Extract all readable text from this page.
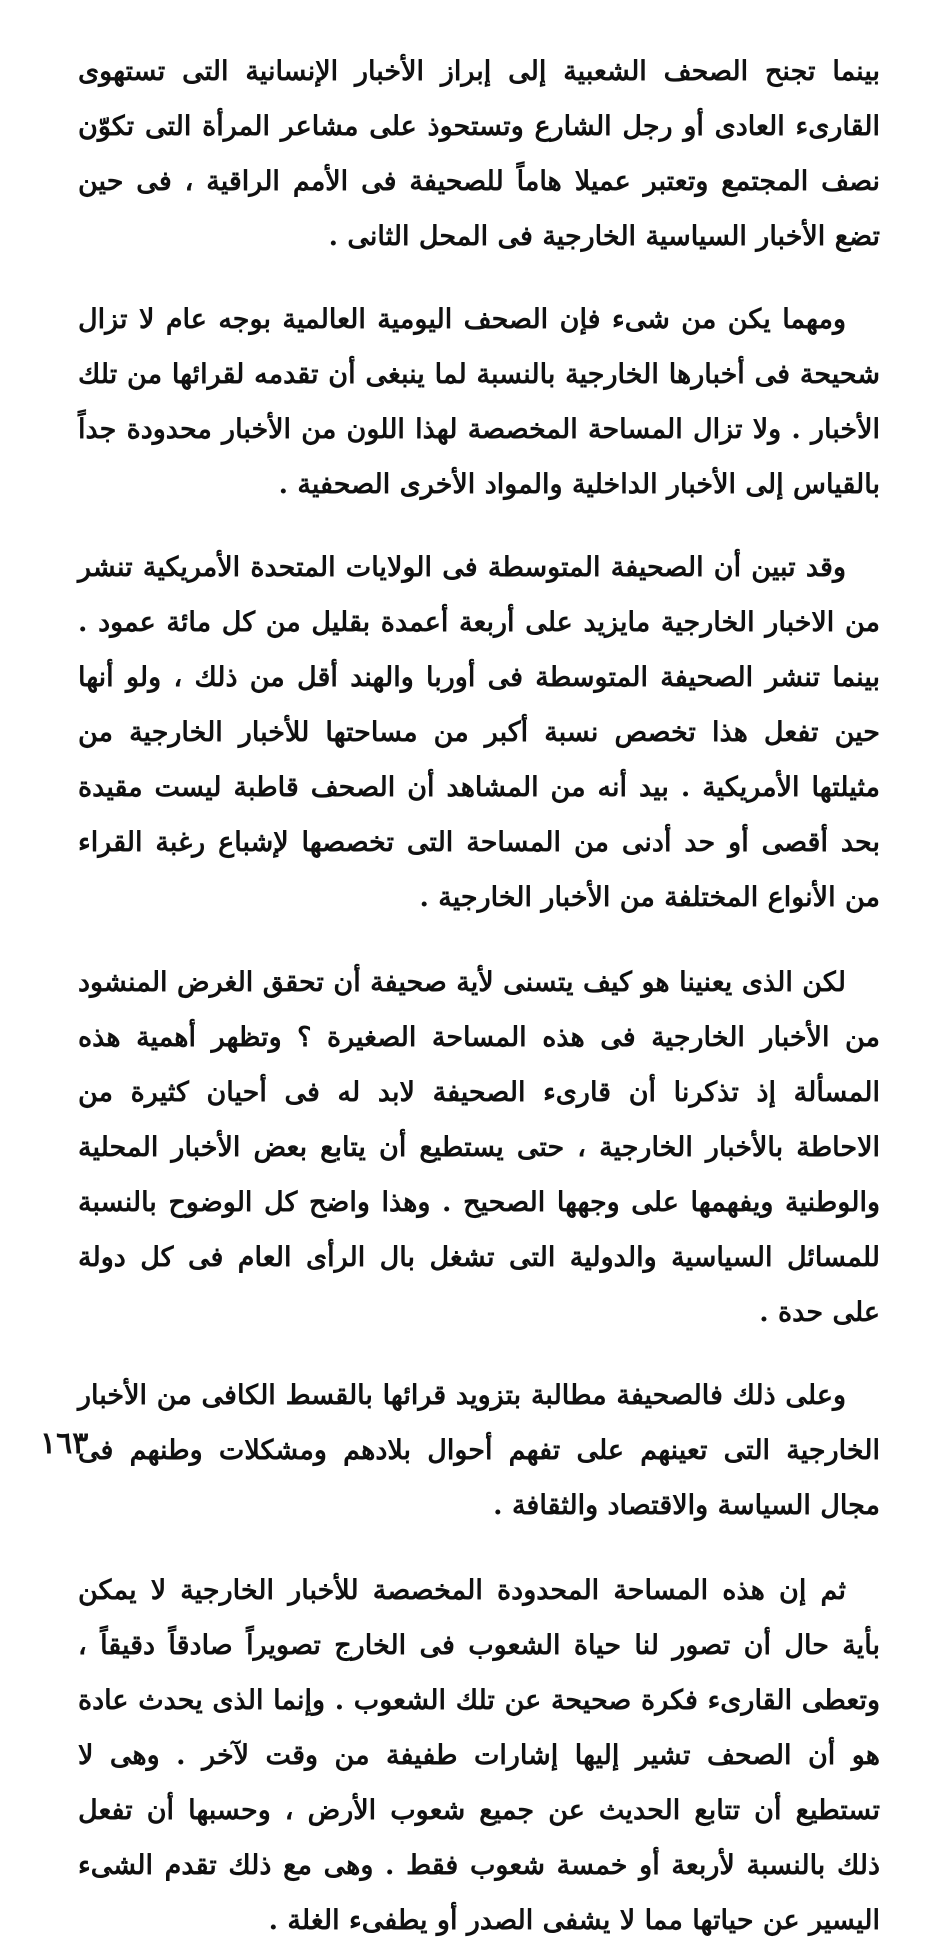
بينما تجنح الصحف الشعبية إلى إبراز الأخبار الإنسانية التى تستهوى القارىء العادى أو رجل الشارع وتستحوذ على مشاعر المرأة التى تكوّن نصف المجتمع وتعتبر عميلا هاماً للصحيفة فى الأمم الراقية ، فى حين تضع الأخبار السياسية الخارجية فى المحل الثانى .

ومهما يكن من شىء فإن الصحف اليومية العالمية بوجه عام لا تزال شحيحة فى أخبارها الخارجية بالنسبة لما ينبغى أن تقدمه لقرائها من تلك الأخبار . ولا تزال المساحة المخصصة لهذا اللون من الأخبار محدودة جداً بالقياس إلى الأخبار الداخلية والمواد الأخرى الصحفية .

وقد تبين أن الصحيفة المتوسطة فى الولايات المتحدة الأمريكية تنشر من الاخبار الخارجية مايزيد على أربعة أعمدة بقليل من كل مائة عمود . بينما تنشر الصحيفة المتوسطة فى أوربا والهند أقل من ذلك ، ولو أنها حين تفعل هذا تخصص نسبة أكبر من مساحتها للأخبار الخارجية من مثيلتها الأمريكية . بيد أنه من المشاهد أن الصحف قاطبة ليست مقيدة بحد أقصى أو حد أدنى من المساحة التى تخصصها لإشباع رغبة القراء من الأنواع المختلفة من الأخبار الخارجية .

لكن الذى يعنينا هو كيف يتسنى لأية صحيفة أن تحقق الغرض المنشود من الأخبار الخارجية فى هذه المساحة الصغيرة ؟ وتظهر أهمية هذه المسألة إذ تذكرنا أن قارىء الصحيفة لابد له فى أحيان كثيرة من الاحاطة بالأخبار الخارجية ، حتى يستطيع أن يتابع بعض الأخبار المحلية والوطنية ويفهمها على وجهها الصحيح . وهذا واضح كل الوضوح بالنسبة للمسائل السياسية والدولية التى تشغل بال الرأى العام فى كل دولة على حدة .

وعلى ذلك فالصحيفة مطالبة بتزويد قرائها بالقسط الكافى من الأخبار الخارجية التى تعينهم على تفهم أحوال بلادهم ومشكلات وطنهم فى مجال السياسة والاقتصاد والثقافة .

ثم إن هذه المساحة المحدودة المخصصة للأخبار الخارجية لا يمكن بأية حال أن تصور لنا حياة الشعوب فى الخارج تصويراً صادقاً دقيقاً ، وتعطى القارىء فكرة صحيحة عن تلك الشعوب . وإنما الذى يحدث عادة هو أن الصحف تشير إليها إشارات طفيفة من وقت لآخر . وهى لا تستطيع أن تتابع الحديث عن جميع شعوب الأرض ، وحسبها أن تفعل ذلك بالنسبة لأربعة أو خمسة شعوب فقط . وهى مع ذلك تقدم الشىء اليسير عن حياتها مما لا يشفى الصدر أو يطفىء الغلة .

١٦٣
